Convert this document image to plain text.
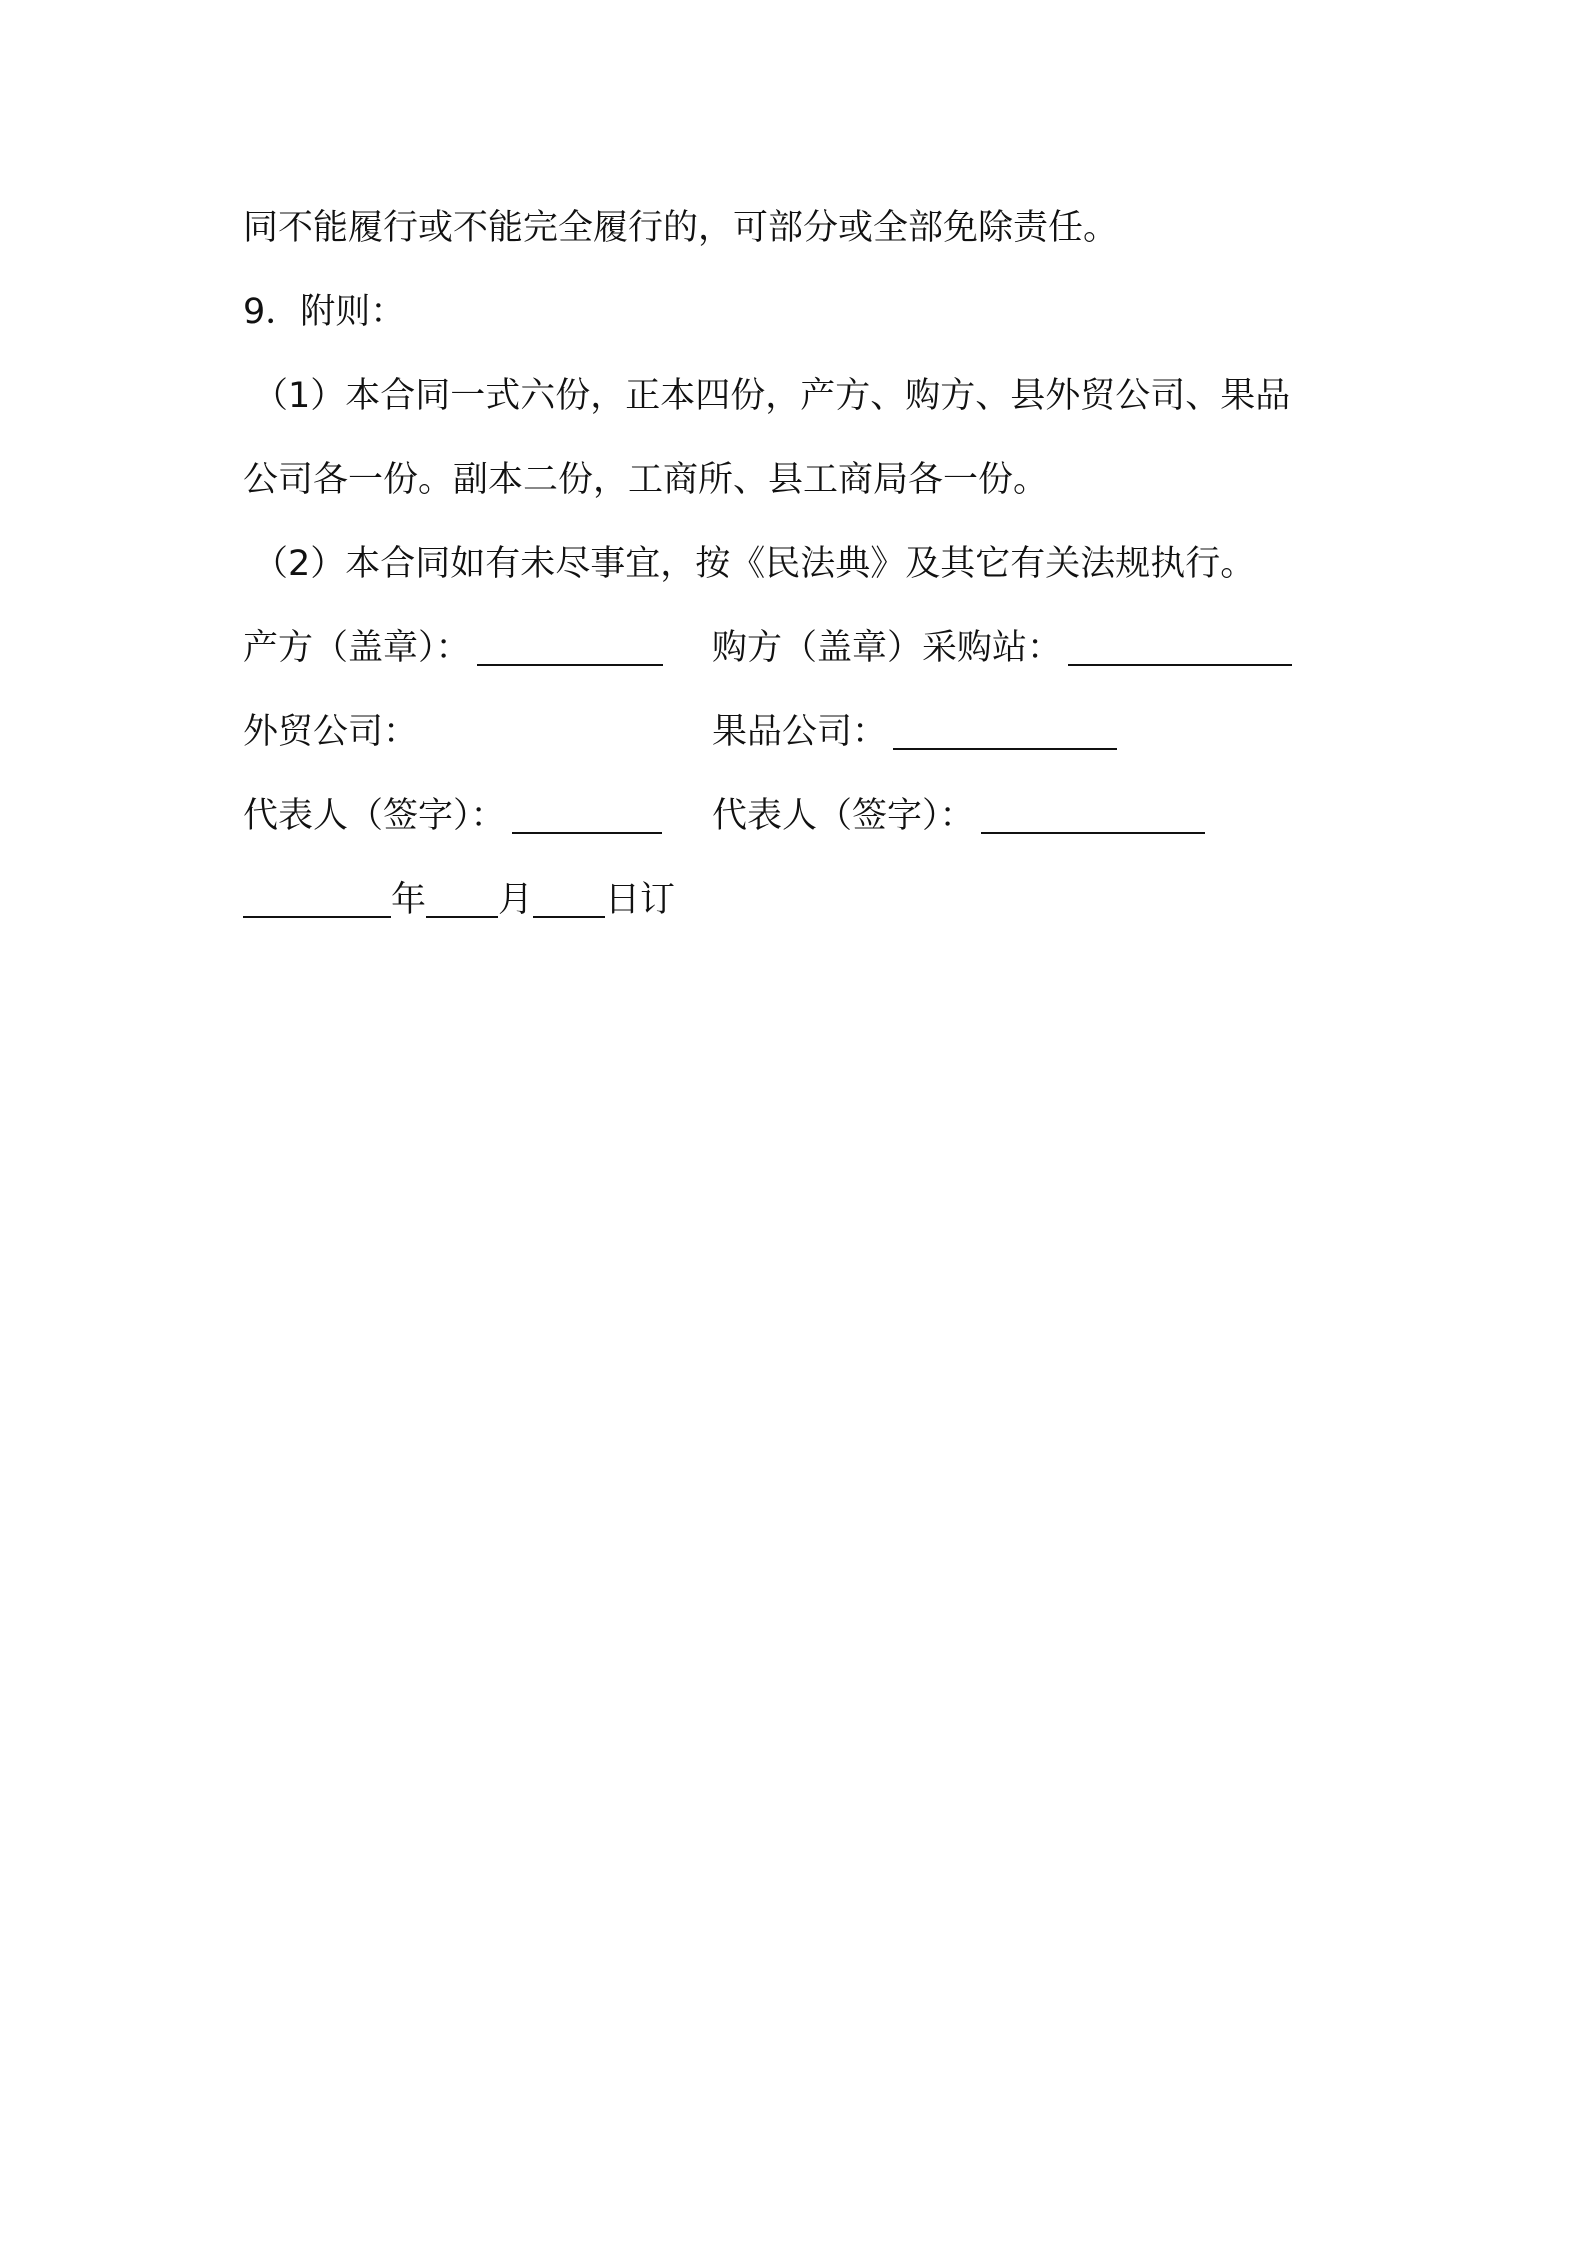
同不能履行或不能完全履行的，可部分或全部免除责任。
9．附则：
（1）本合同一式六份，正本四份，产方、购方、县外贸公司、果品
公司各一份。副本二份，工商所、县工商局各一份。
（2）本合同如有未尽事宜，按《民法典》及其它有关法规执行。
产方（盖章）：	购方（盖章）采购站：
外贸公司：	果品公司：
代表人（签字）：	代表人（签字）：
年 月 日订
